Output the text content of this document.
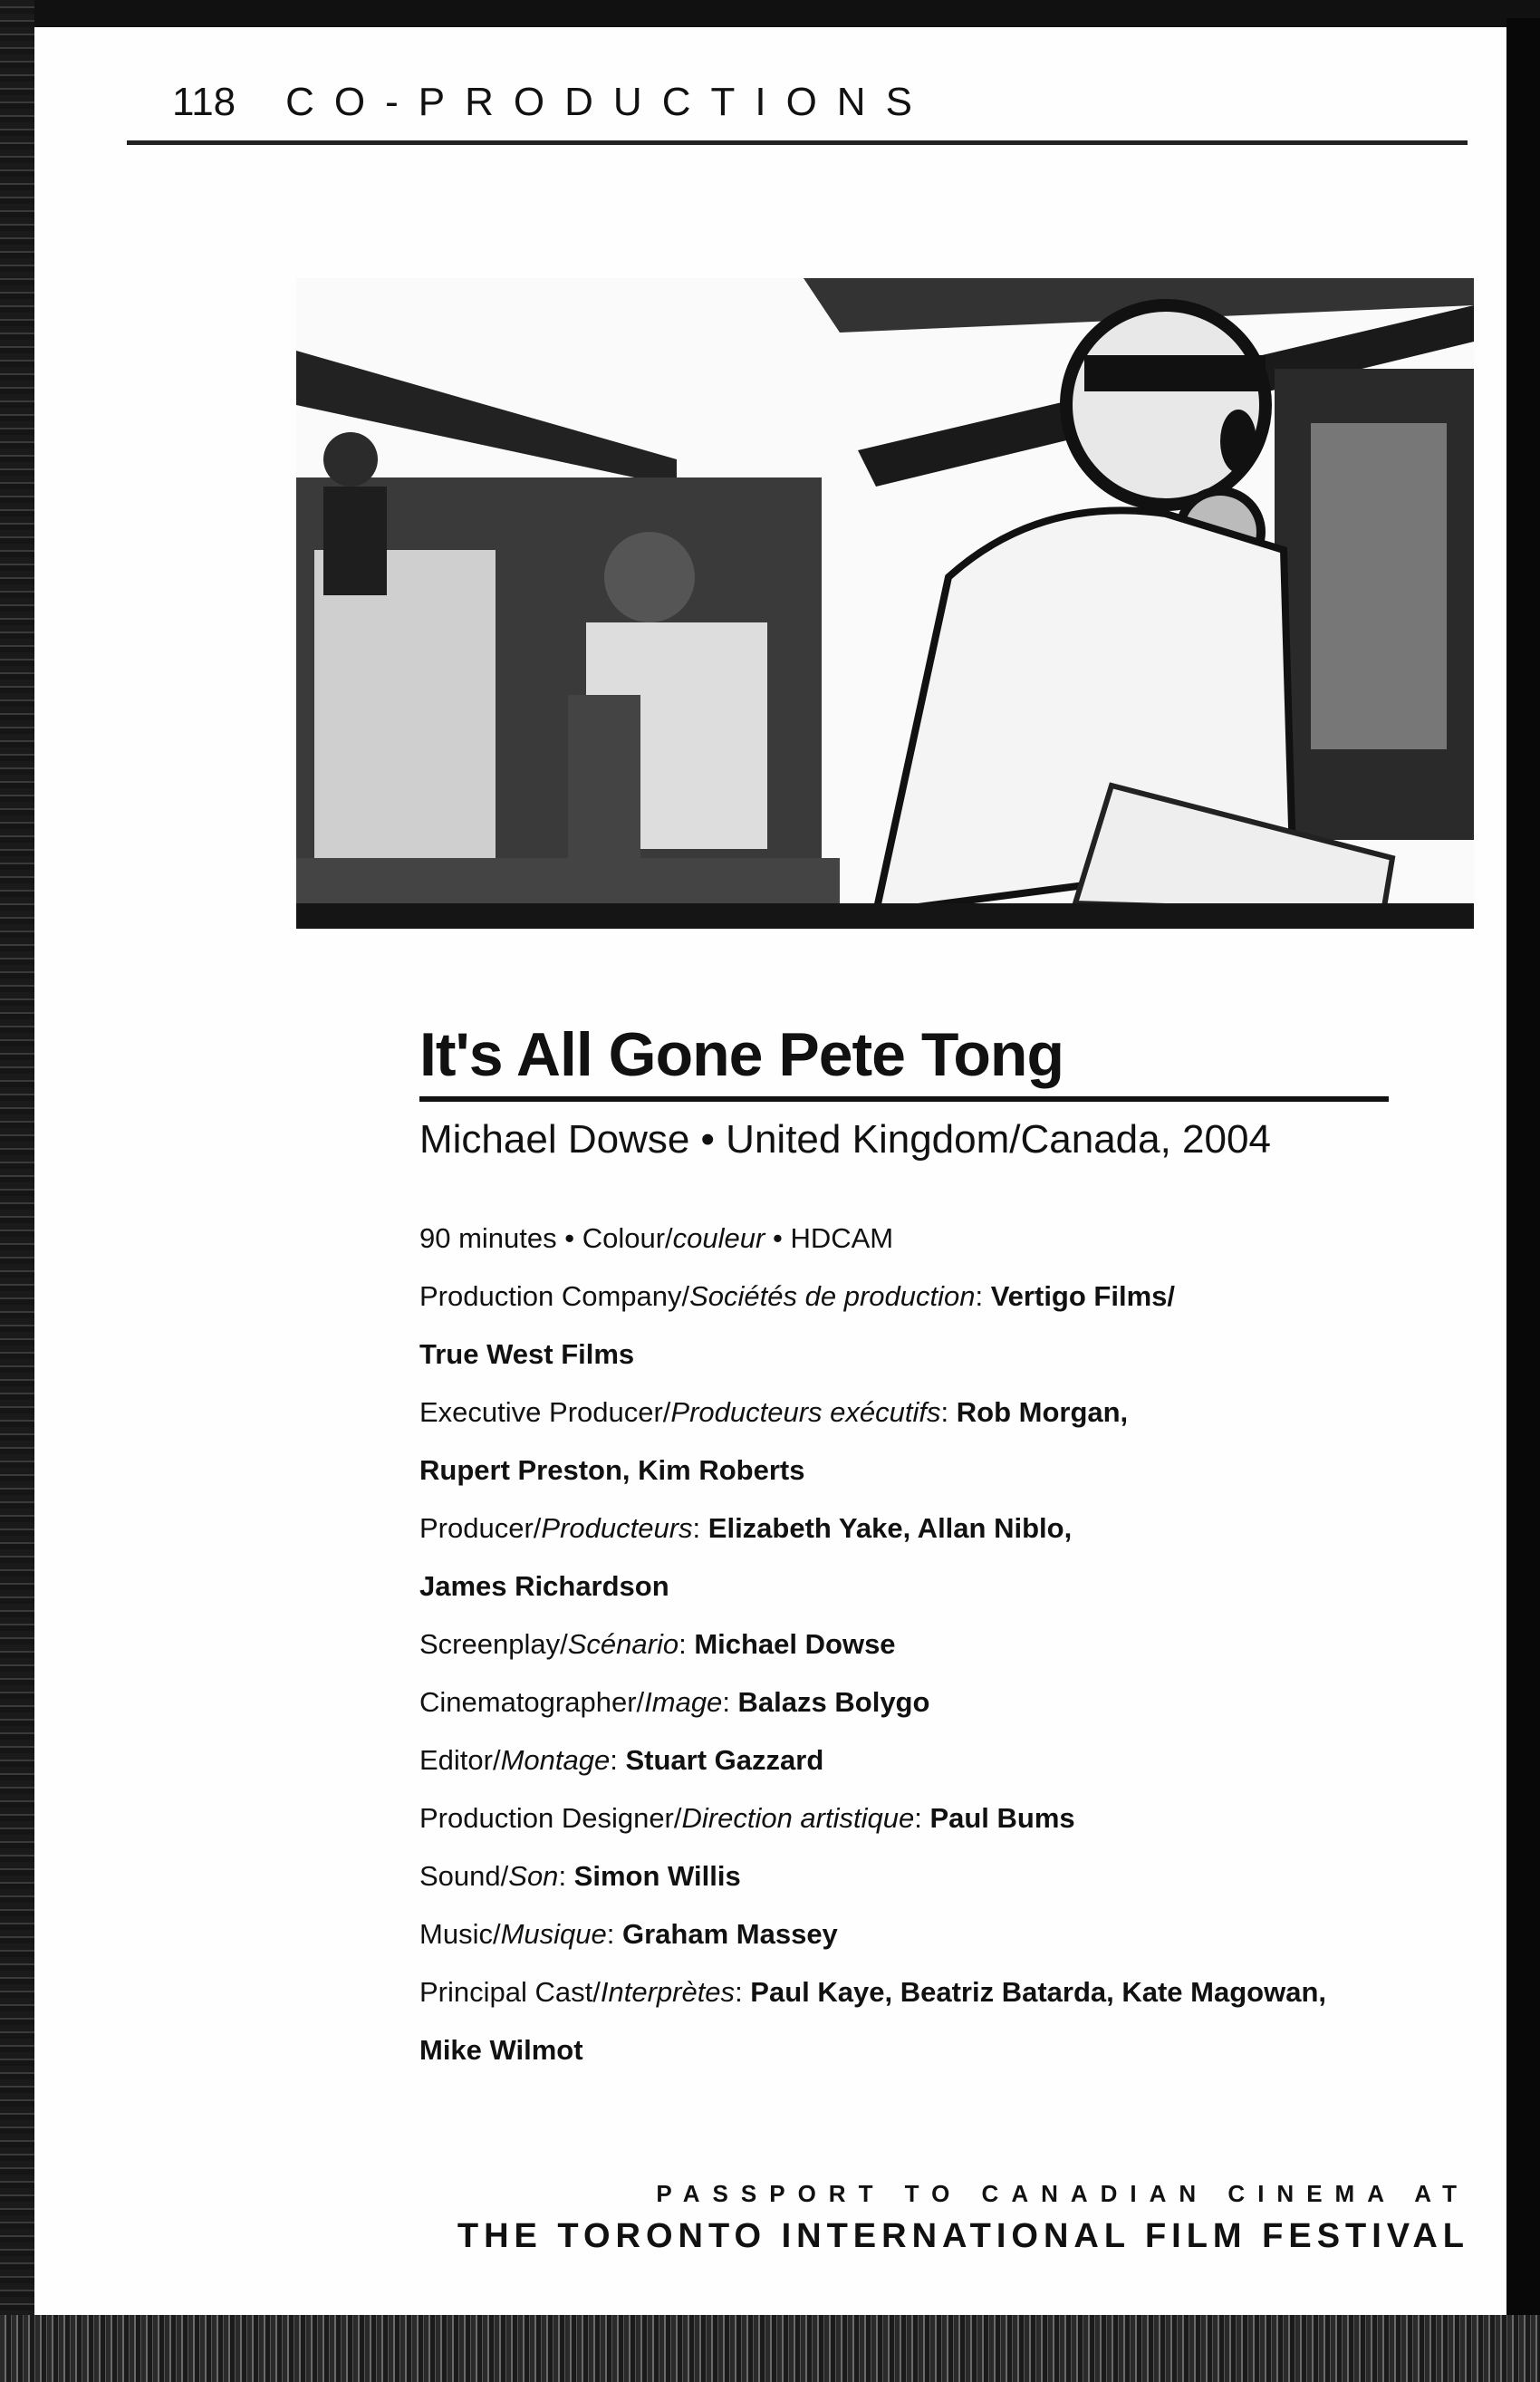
118 CO-PRODUCTIONS
It's All Gone Pete Tong

Michael Dowse • United Kingdom/Canada, 2004

90 minutes • Colour/couleur • HDCAM
Production Company/Sociétés de production: Vertigo Films/
True West Films
Executive Producer/Producteurs exécutifs: Rob Morgan,
Rupert Preston, Kim Roberts
Producer/Producteurs: Elizabeth Yake, Allan Niblo,
James Richardson
Screenplay/Scénario: Michael Dowse
Cinematographer/Image: Balazs Bolygo
Editor/Montage: Stuart Gazzard
Production Designer/Direction artistique: Paul Bums
Sound/Son: Simon Willis
Music/Musique: Graham Massey
Principal Cast/Interprètes: Paul Kaye, Beatriz Batarda, Kate Magowan,
Mike Wilmot
PASSPORT TO CANADIAN CINEMA AT
THE TORONTO INTERNATIONAL FILM FESTIVAL
